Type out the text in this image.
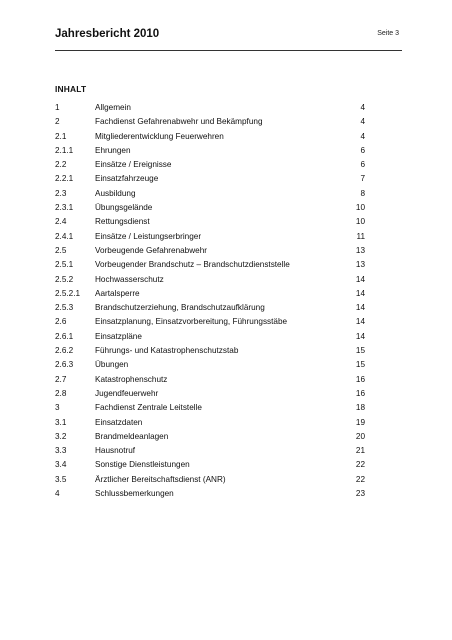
Jahresbericht 2010	Seite 3
INHALT
1	Allgemein	4
2	Fachdienst Gefahrenabwehr und Bekämpfung	4
2.1	Mitgliederentwicklung Feuerwehren	4
2.1.1	Ehrungen	6
2.2	Einsätze / Ereignisse	6
2.2.1	Einsatzfahrzeuge	7
2.3	Ausbildung	8
2.3.1	Übungsgelände	10
2.4	Rettungsdienst	10
2.4.1	Einsätze / Leistungserbringer	11
2.5	Vorbeugende Gefahrenabwehr	13
2.5.1	Vorbeugender Brandschutz – Brandschutzdienststelle	13
2.5.2	Hochwasserschutz	14
2.5.2.1 Aartalsperre	14
2.5.3	Brandschutzerziehung, Brandschutzaufklärung	14
2.6	Einsatzplanung, Einsatzvorbereitung, Führungsstäbe	14
2.6.1	Einsatzpläne	14
2.6.2	Führungs- und Katastrophenschutzstab	15
2.6.3	Übungen	15
2.7	Katastrophenschutz	16
2.8	Jugendfeuerwehr	16
3	Fachdienst Zentrale Leitstelle	18
3.1	Einsatzdaten	19
3.2	Brandmeldeanlagen	20
3.3	Hausnotruf	21
3.4	Sonstige Dienstleistungen	22
3.5	Ärztlicher Bereitschaftsdienst (ANR)	22
4	Schlussbemerkungen	23
